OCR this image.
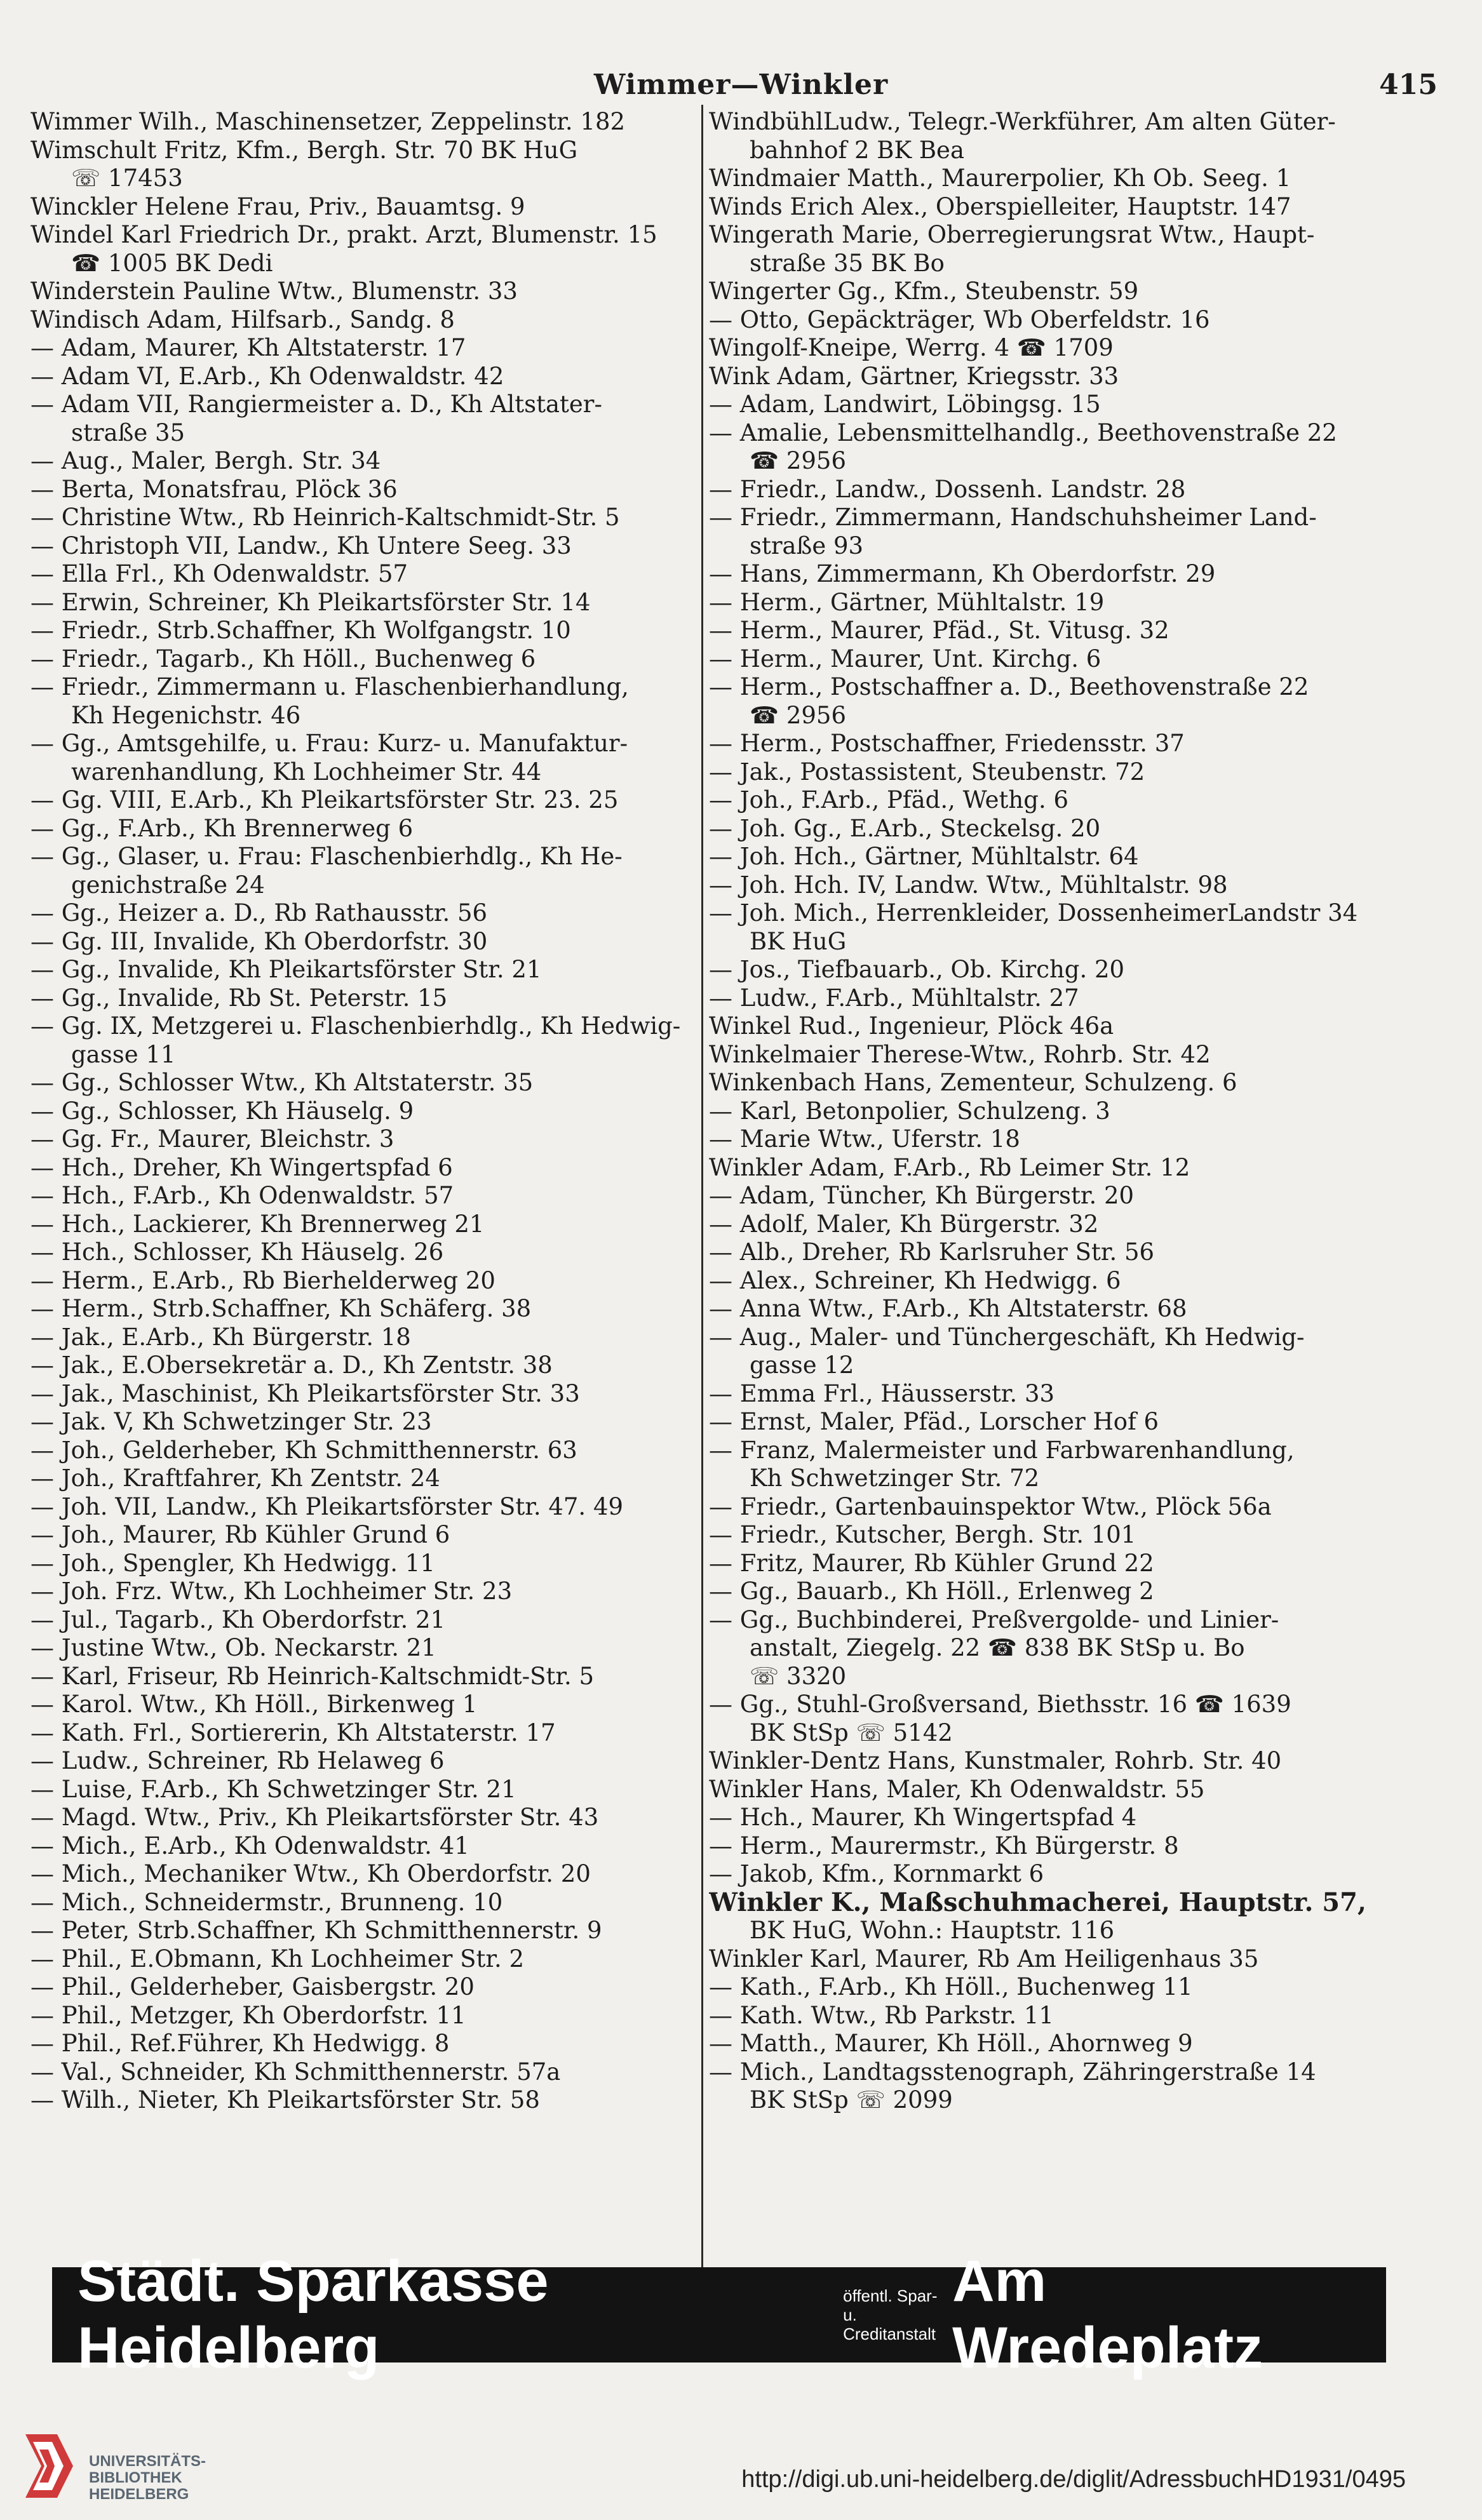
Wimmer—Winkler	415
Wimmer Wilh., Maschinensetzer, Zeppelinstr. 182
Wimschult Fritz, Kfm., Bergh. Str. 70 BK HuG
☏ 17453
Winckler Helene Frau, Priv., Bauamtsg. 9
Windel Karl Friedrich Dr., prakt. Arzt, Blumenstr. 15
☎ 1005 BK Dedi
Winderstein Pauline Wtw., Blumenstr. 33
Windisch Adam, Hilfsarb., Sandg. 8
— Adam, Maurer, Kh Altstaterstr. 17
— Adam VI, E.Arb., Kh Odenwaldstr. 42
— Adam VII, Rangiermeister a. D., Kh Altstater-
straße 35
— Aug., Maler, Bergh. Str. 34
— Berta, Monatsfrau, Plöck 36
— Christine Wtw., Rb Heinrich-Kaltschmidt-Str. 5
— Christoph VII, Landw., Kh Untere Seeg. 33
— Ella Frl., Kh Odenwaldstr. 57
— Erwin, Schreiner, Kh Pleikartsförster Str. 14
— Friedr., Strb.Schaffner, Kh Wolfgangstr. 10
— Friedr., Tagarb., Kh Höll., Buchenweg 6
— Friedr., Zimmermann u. Flaschenbierhandlung,
Kh Hegenichstr. 46
— Gg., Amtsgehilfe, u. Frau: Kurz- u. Manufaktur-
warenhandlung, Kh Lochheimer Str. 44
— Gg. VIII, E.Arb., Kh Pleikartsförster Str. 23. 25
— Gg., F.Arb., Kh Brennerweg 6
— Gg., Glaser, u. Frau: Flaschenbierhdlg., Kh He-
genichstraße 24
— Gg., Heizer a. D., Rb Rathausstr. 56
— Gg. III, Invalide, Kh Oberdorfstr. 30
— Gg., Invalide, Kh Pleikartsförster Str. 21
— Gg., Invalide, Rb St. Peterstr. 15
— Gg. IX, Metzgerei u. Flaschenbierhdlg., Kh Hedwig-
gasse 11
— Gg., Schlosser Wtw., Kh Altstaterstr. 35
— Gg., Schlosser, Kh Häuselg. 9
— Gg. Fr., Maurer, Bleichstr. 3
— Hch., Dreher, Kh Wingertspfad 6
— Hch., F.Arb., Kh Odenwaldstr. 57
— Hch., Lackierer, Kh Brennerweg 21
— Hch., Schlosser, Kh Häuselg. 26
— Herm., E.Arb., Rb Bierhelderweg 20
— Herm., Strb.Schaffner, Kh Schäferg. 38
— Jak., E.Arb., Kh Bürgerstr. 18
— Jak., E.Obersekretär a. D., Kh Zentstr. 38
— Jak., Maschinist, Kh Pleikartsförster Str. 33
— Jak. V, Kh Schwetzinger Str. 23
— Joh., Gelderheber, Kh Schmitthennerstr. 63
— Joh., Kraftfahrer, Kh Zentstr. 24
— Joh. VII, Landw., Kh Pleikartsförster Str. 47. 49
— Joh., Maurer, Rb Kühler Grund 6
— Joh., Spengler, Kh Hedwigg. 11
— Joh. Frz. Wtw., Kh Lochheimer Str. 23
— Jul., Tagarb., Kh Oberdorfstr. 21
— Justine Wtw., Ob. Neckarstr. 21
— Karl, Friseur, Rb Heinrich-Kaltschmidt-Str. 5
— Karol. Wtw., Kh Höll., Birkenweg 1
— Kath. Frl., Sortiererin, Kh Altstaterstr. 17
— Ludw., Schreiner, Rb Helaweg 6
— Luise, F.Arb., Kh Schwetzinger Str. 21
— Magd. Wtw., Priv., Kh Pleikartsförster Str. 43
— Mich., E.Arb., Kh Odenwaldstr. 41
— Mich., Mechaniker Wtw., Kh Oberdorfstr. 20
— Mich., Schneidermstr., Brunneng. 10
— Peter, Strb.Schaffner, Kh Schmitthennerstr. 9
— Phil., E.Obmann, Kh Lochheimer Str. 2
— Phil., Gelderheber, Gaisbergstr. 20
— Phil., Metzger, Kh Oberdorfstr. 11
— Phil., Ref.Führer, Kh Hedwigg. 8
— Val., Schneider, Kh Schmitthennerstr. 57a
— Wilh., Nieter, Kh Pleikartsförster Str. 58
WindbühlLudw., Telegr.-Werkführer, Am alten Güter-
bahnhof 2 BK Bea
Windmaier Matth., Maurerpolier, Kh Ob. Seeg. 1
Winds Erich Alex., Oberspielleiter, Hauptstr. 147
Wingerath Marie, Oberregierungsrat Wtw., Haupt-
straße 35 BK Bo
Wingerter Gg., Kfm., Steubenstr. 59
— Otto, Gepäckträger, Wb Oberfeldstr. 16
Wingolf-Kneipe, Werrg. 4 ☎ 1709
Wink Adam, Gärtner, Kriegsstr. 33
— Adam, Landwirt, Löbingsg. 15
— Amalie, Lebensmittelhandlg., Beethovenstraße 22
☎ 2956
— Friedr., Landw., Dossenh. Landstr. 28
— Friedr., Zimmermann, Handschuhsheimer Land-
straße 93
— Hans, Zimmermann, Kh Oberdorfstr. 29
— Herm., Gärtner, Mühltalstr. 19
— Herm., Maurer, Pfäd., St. Vitusg. 32
— Herm., Maurer, Unt. Kirchg. 6
— Herm., Postschaffner a. D., Beethovenstraße 22
☎ 2956
— Herm., Postschaffner, Friedensstr. 37
— Jak., Postassistent, Steubenstr. 72
— Joh., F.Arb., Pfäd., Wethg. 6
— Joh. Gg., E.Arb., Steckelsg. 20
— Joh. Hch., Gärtner, Mühltalstr. 64
— Joh. Hch. IV, Landw. Wtw., Mühltalstr. 98
— Joh. Mich., Herrenkleider, DossenheimerLandstr 34
BK HuG
— Jos., Tiefbauarb., Ob. Kirchg. 20
— Ludw., F.Arb., Mühltalstr. 27
Winkel Rud., Ingenieur, Plöck 46a
Winkelmaier Therese-Wtw., Rohrb. Str. 42
Winkenbach Hans, Zementeur, Schulzeng. 6
— Karl, Betonpolier, Schulzeng. 3
— Marie Wtw., Uferstr. 18
Winkler Adam, F.Arb., Rb Leimer Str. 12
— Adam, Tüncher, Kh Bürgerstr. 20
— Adolf, Maler, Kh Bürgerstr. 32
— Alb., Dreher, Rb Karlsruher Str. 56
— Alex., Schreiner, Kh Hedwigg. 6
— Anna Wtw., F.Arb., Kh Altstaterstr. 68
— Aug., Maler- und Tünchergeschäft, Kh Hedwig-
gasse 12
— Emma Frl., Häusserstr. 33
— Ernst, Maler, Pfäd., Lorscher Hof 6
— Franz, Malermeister und Farbwarenhandlung,
Kh Schwetzinger Str. 72
— Friedr., Gartenbauinspektor Wtw., Plöck 56a
— Friedr., Kutscher, Bergh. Str. 101
— Fritz, Maurer, Rb Kühler Grund 22
— Gg., Bauarb., Kh Höll., Erlenweg 2
— Gg., Buchbinderei, Preßvergolde- und Linier-
anstalt, Ziegelg. 22 ☎ 838 BK StSp u. Bo
☏ 3320
— Gg., Stuhl-Großversand, Biethsstr. 16 ☎ 1639
BK StSp ☏ 5142
Winkler-Dentz Hans, Kunstmaler, Rohrb. Str. 40
Winkler Hans, Maler, Kh Odenwaldstr. 55
— Hch., Maurer, Kh Wingertspfad 4
— Herm., Maurermstr., Kh Bürgerstr. 8
— Jakob, Kfm., Kornmarkt 6
Winkler K., Maßschuhmacherei, Hauptstr. 57,
BK HuG, Wohn.: Hauptstr. 116
Winkler Karl, Maurer, Rb Am Heiligenhaus 35
— Kath., F.Arb., Kh Höll., Buchenweg 11
— Kath. Wtw., Rb Parkstr. 11
— Matth., Maurer, Kh Höll., Ahornweg 9
— Mich., Landtagsstenograph, Zähringerstraße 14
BK StSp ☏ 2099
Städt. Sparkasse Heidelberg
öffentl. Spar- u.
Creditanstalt
Am Wredeplatz
UNIVERSITÄTS-
BIBLIOTHEK
HEIDELBERG
http://digi.ub.uni-heidelberg.de/diglit/AdressbuchHD1931/0495
